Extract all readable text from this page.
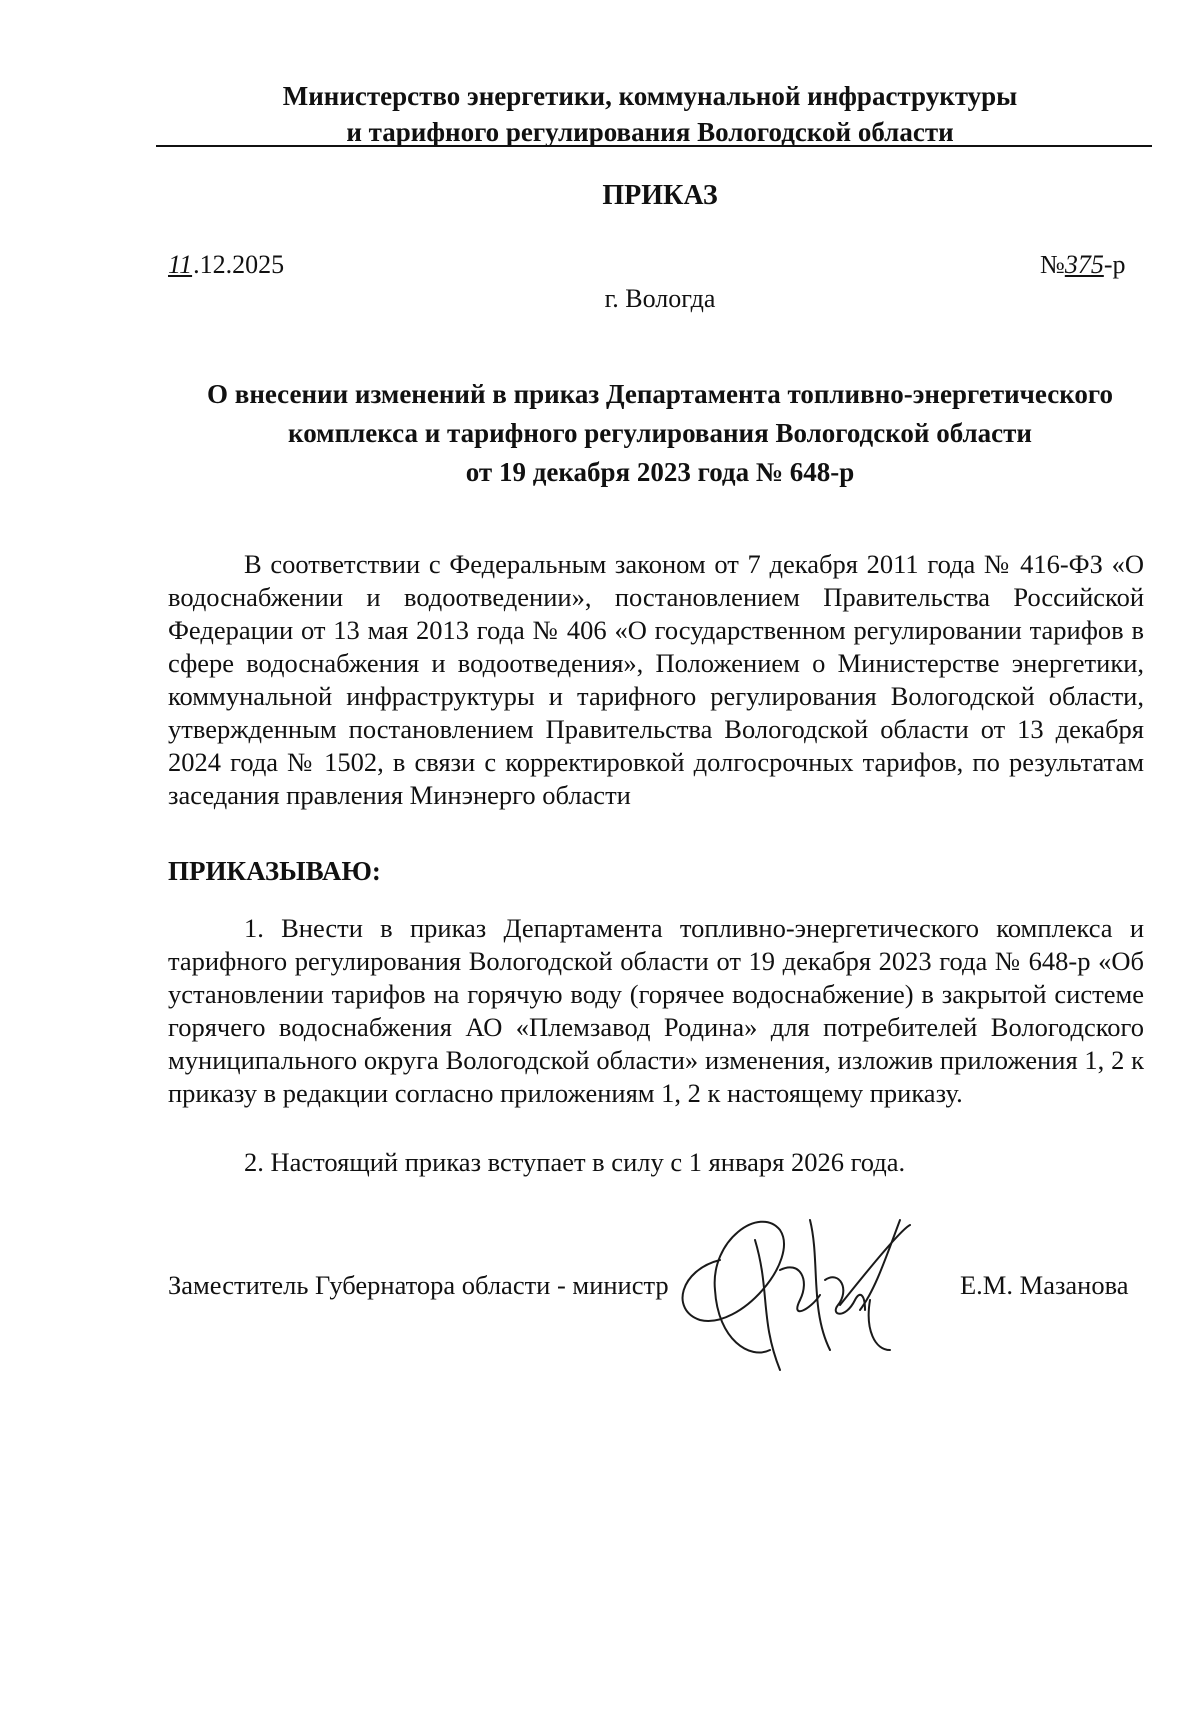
Министерство энергетики, коммунальной инфраструктуры
и тарифного регулирования Вологодской области
ПРИКАЗ
11.12.2025	№375-р
г. Вологда
О внесении изменений в приказ Департамента топливно-энергетического
комплекса и тарифного регулирования Вологодской области
от 19 декабря 2023 года № 648-р
В соответствии с Федеральным законом от 7 декабря 2011 года № 416-ФЗ «О водоснабжении и водоотведении», постановлением Правительства Российской Федерации от 13 мая 2013 года № 406 «О государственном регулировании тарифов в сфере водоснабжения и водоотведения», Положением о Министерстве энергетики, коммунальной инфраструктуры и тарифного регулирования Вологодской области, утвержденным постановлением Правительства Вологодской области от 13 декабря 2024 года № 1502, в связи с корректировкой долгосрочных тарифов, по результатам заседания правления Минэнерго области
ПРИКАЗЫВАЮ:
1. Внести в приказ Департамента топливно-энергетического комплекса и тарифного регулирования Вологодской области от 19 декабря 2023 года № 648-р «Об установлении тарифов на горячую воду (горячее водоснабжение) в закрытой системе горячего водоснабжения АО «Племзавод Родина» для потребителей Вологодского муниципального округа Вологодской области» изменения, изложив приложения 1, 2 к приказу в редакции согласно приложениям 1, 2 к настоящему приказу.
2. Настоящий приказ вступает в силу с 1 января 2026 года.
Заместитель Губернатора области - министр	Е.М. Мазанова
